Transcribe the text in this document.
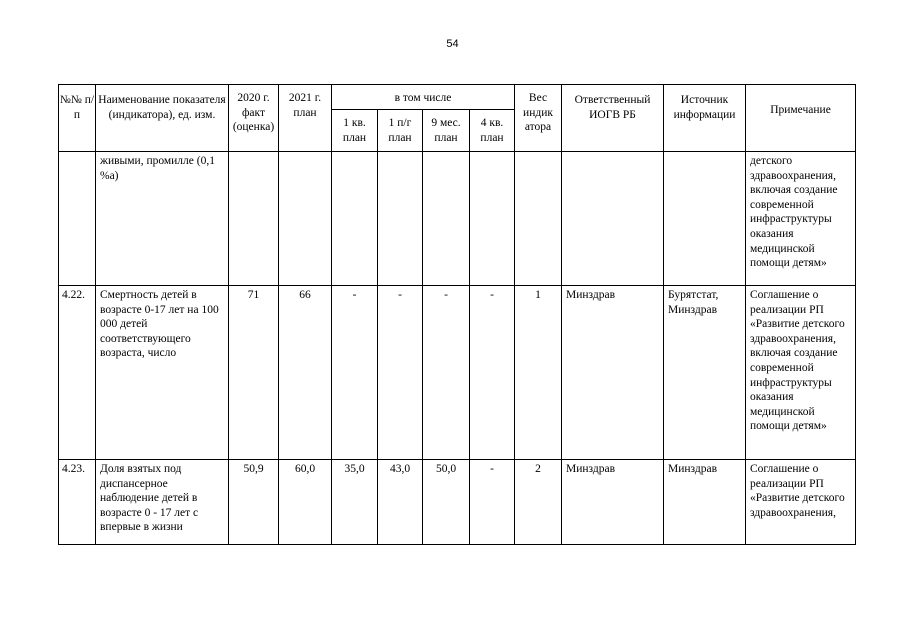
54
№№ п/п	Наименование показателя (индикатора), ед. изм.	2020 г. факт (оценка)	2021 г. план	в том числе				Вес индик атора	Ответственный ИОГВ РБ	Источник информации	Примечание
				1 кв. план	1 п/г план	9 мес. план	4 кв. план				
	живыми, промилле (0,1 %a)										детского здравоохранения, включая создание современной инфраструктуры оказания медицинской помощи детям»
4.22.	Смертность детей в возрасте 0-17 лет на 100 000 детей соответствующего возраста, число	71	66	-	-	-	-	1	Минздрав	Бурятстат, Минздрав	Соглашение о реализации РП «Развитие детского здравоохранения, включая создание современной инфраструктуры оказания медицинской помощи детям»
4.23.	Доля взятых под диспансерное наблюдение детей в возрасте 0 - 17 лет с впервые в жизни	50,9	60,0	35,0	43,0	50,0	-	2	Минздрав	Минздрав	Соглашение о реализации РП «Развитие детского здравоохранения,
